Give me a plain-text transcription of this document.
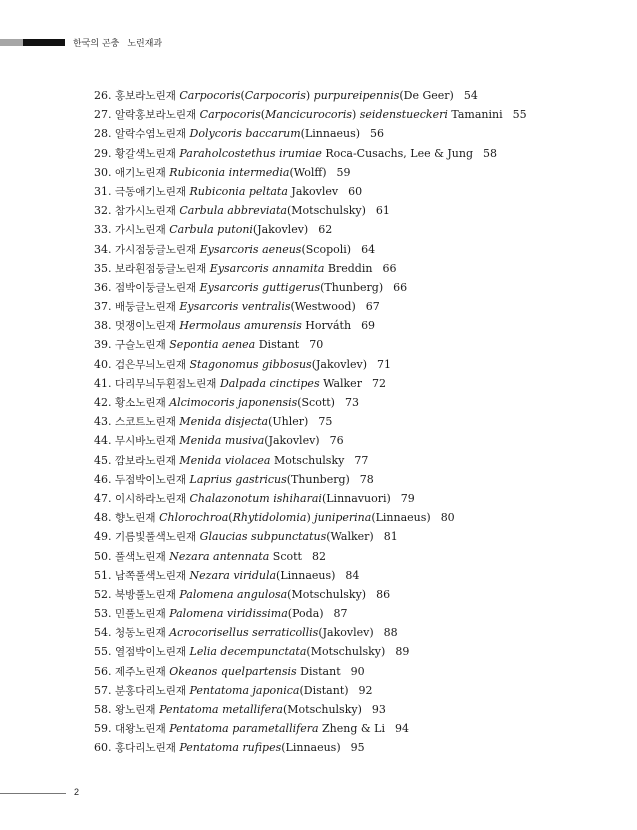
한국의 곤충 노린재과
26. 홍보라노린재 Carpocoris(Carpocoris) purpureipennis(De Geer) 54
27. 알락홍보라노린재 Carpocoris(Mancicurocoris) seidenstueckeri Tamanini 55
28. 알락수염노린재 Dolycoris baccarum(Linnaeus) 56
29. 황갈색노린재 Paraholcostethus irumiae Roca-Cusachs, Lee & Jung 58
30. 애기노린재 Rubiconia intermedia(Wolff) 59
31. 극동애기노린재 Rubiconia peltata Jakovlev 60
32. 참가시노린재 Carbula abbreviata(Motschulsky) 61
33. 가시노린재 Carbula putoni(Jakovlev) 62
34. 가시점둥글노린재 Eysarcoris aeneus(Scopoli) 64
35. 보라흰점둥글노린재 Eysarcoris annamita Breddin 66
36. 점박이둥글노린재 Eysarcoris guttigerus(Thunberg) 66
37. 배둥글노린재 Eysarcoris ventralis(Westwood) 67
38. 멋쟁이노린재 Hermolaus amurensis Horváth 69
39. 구슬노린재 Sepontia aenea Distant 70
40. 검은무늬노린재 Stagonomus gibbosus(Jakovlev) 71
41. 다리무늬두흰점노린재 Dalpada cinctipes Walker 72
42. 황소노린재 Alcimocoris japonensis(Scott) 73
43. 스코트노린재 Menida disjecta(Uhler) 75
44. 무시바노린재 Menida musiva(Jakovlev) 76
45. 깜보라노린재 Menida violacea Motschulsky 77
46. 두점박이노린재 Laprius gastricus(Thunberg) 78
47. 이시하라노린재 Chalazonotum ishiharai(Linnavuori) 79
48. 향노린재 Chlorochroa(Rhytidolomia) juniperina(Linnaeus) 80
49. 기름빛풀색노린재 Glaucias subpunctatus(Walker) 81
50. 풀색노린재 Nezara antennata Scott 82
51. 남쪽풀색노린재 Nezara viridula(Linnaeus) 84
52. 북방풀노린재 Palomena angulosa(Motschulsky) 86
53. 민풀노린재 Palomena viridissima(Poda) 87
54. 청동노린재 Acrocorisellus serraticollis(Jakovlev) 88
55. 열점박이노린재 Lelia decempunctata(Motschulsky) 89
56. 제주노린재 Okeanos quelpartensis Distant 90
57. 분홍다리노린재 Pentatoma japonica(Distant) 92
58. 왕노린재 Pentatoma metallifera(Motschulsky) 93
59. 대왕노린재 Pentatoma parametallifera Zheng & Li 94
60. 홍다리노린재 Pentatoma rufipes(Linnaeus) 95
2
